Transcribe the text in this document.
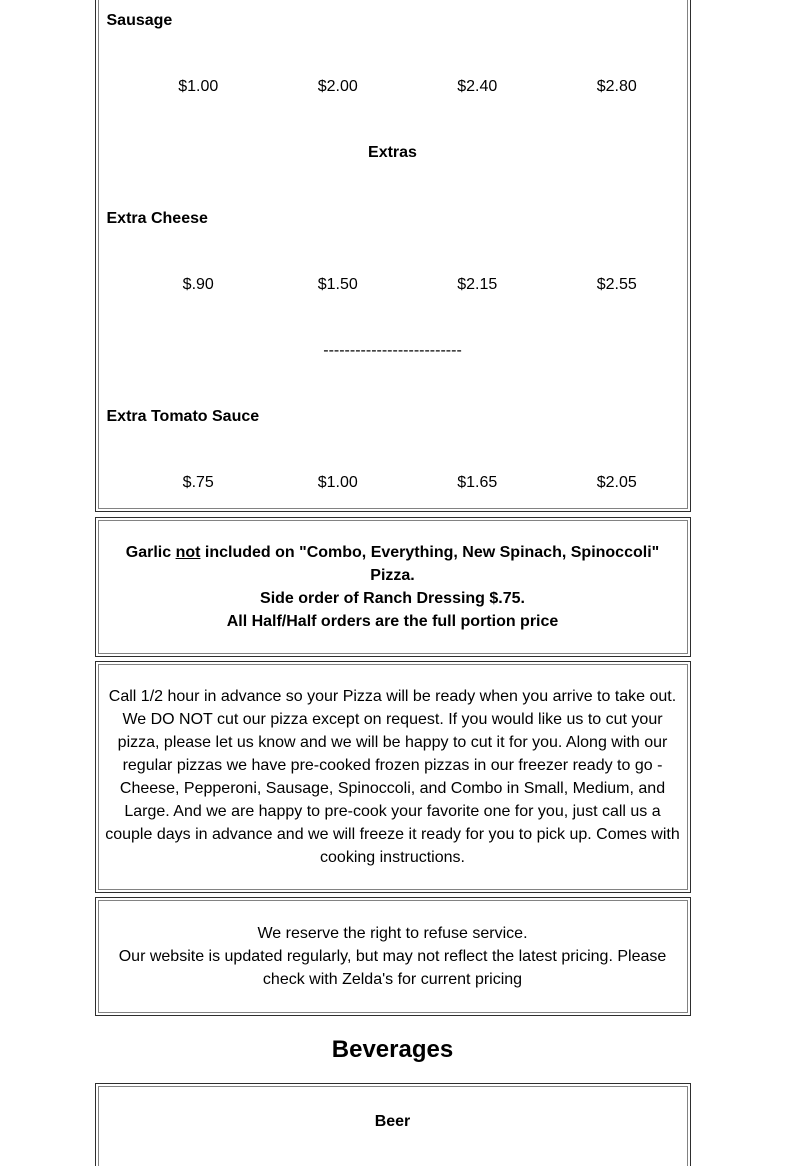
Sausage
$1.00	$2.00	$2.40	$2.80
Extras
Extra Cheese
$.90	$1.50	$2.15	$2.55
--------------------------
Extra Tomato Sauce
$.75	$1.00	$1.65	$2.05
Garlic not included on "Combo, Everything, New Spinach, Spinoccoli" Pizza.
Side order of Ranch Dressing $.75.
All Half/Half orders are the full portion price
Call 1/2 hour in advance so your Pizza will be ready when you arrive to take out. We DO NOT cut our pizza except on request. If you would like us to cut your pizza, please let us know and we will be happy to cut it for you. Along with our regular pizzas we have pre-cooked frozen pizzas in our freezer ready to go - Cheese, Pepperoni, Sausage, Spinoccoli, and Combo in Small, Medium, and Large. And we are happy to pre-cook your favorite one for you, just call us a couple days in advance and we will freeze it ready for you to pick up. Comes with cooking instructions.
We reserve the right to refuse service.
Our website is updated regularly, but may not reflect the latest pricing. Please check with Zelda's for current pricing
Beverages
Beer
